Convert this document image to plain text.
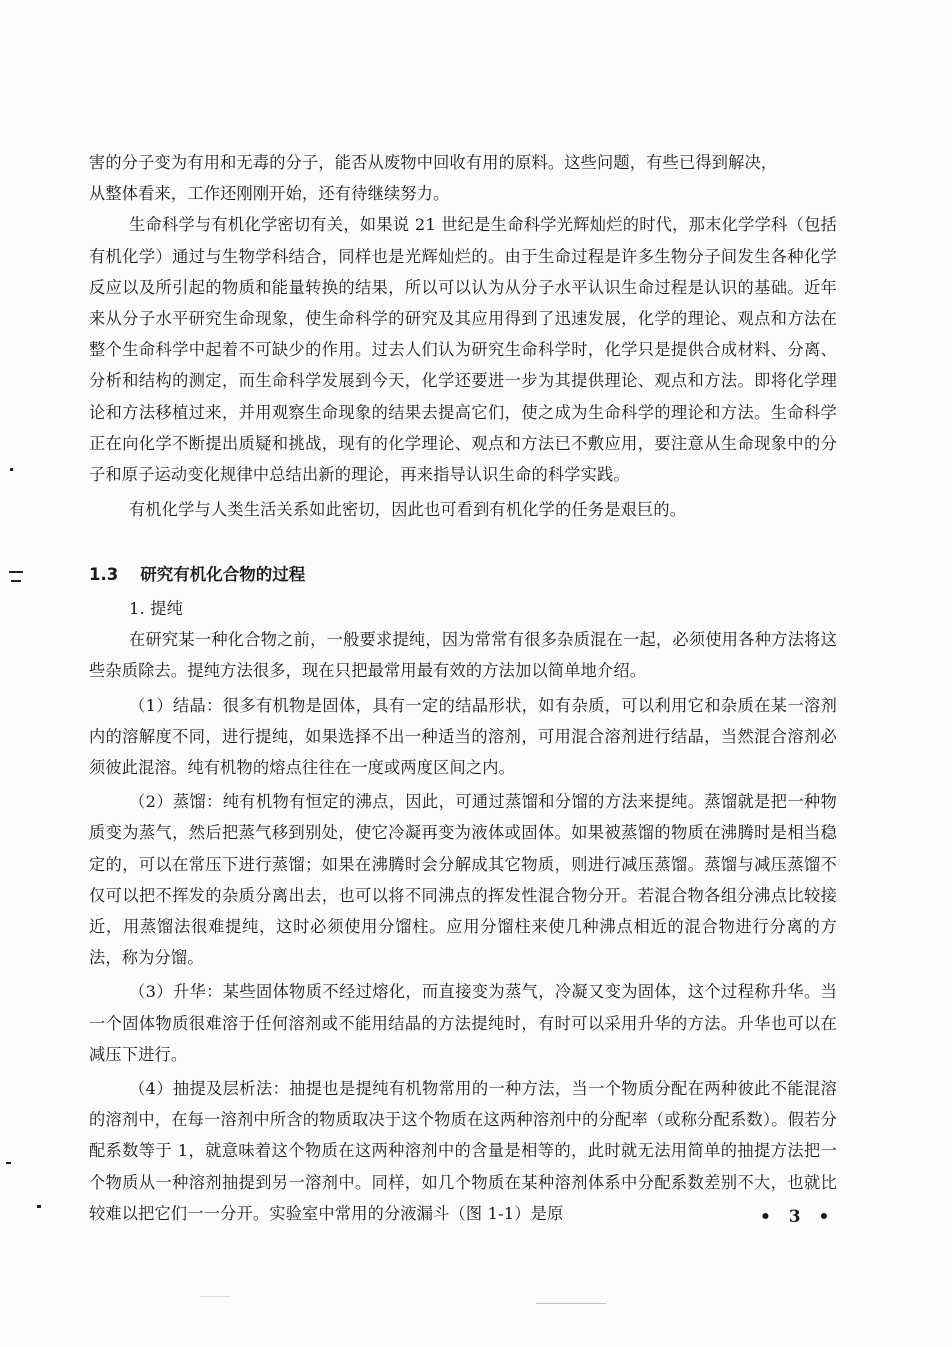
害的分子变为有用和无毒的分子，能否从废物中回收有用的原料。这些问题，有些已得到解决，

从整体看来，工作还刚刚开始，还有待继续努力。

生命科学与有机化学密切有关，如果说 21 世纪是生命科学光辉灿烂的时代，那末化学学科（包括有机化学）通过与生物学科结合，同样也是光辉灿烂的。由于生命过程是许多生物分子间发生各种化学反应以及所引起的物质和能量转换的结果，所以可以认为从分子水平认识生命过程是认识的基础。近年来从分子水平研究生命现象，使生命科学的研究及其应用得到了迅速发展，化学的理论、观点和方法在整个生命科学中起着不可缺少的作用。过去人们认为研究生命科学时，化学只是提供合成材料、分离、分析和结构的测定，而生命科学发展到今天，化学还要进一步为其提供理论、观点和方法。即将化学理论和方法移植过来，并用观察生命现象的结果去提高它们，使之成为生命科学的理论和方法。生命科学正在向化学不断提出质疑和挑战，现有的化学理论、观点和方法已不敷应用，要注意从生命现象中的分子和原子运动变化规律中总结出新的理论，再来指导认识生命的科学实践。

有机化学与人类生活关系如此密切，因此也可看到有机化学的任务是艰巨的。

1.3 研究有机化合物的过程

1. 提纯

在研究某一种化合物之前，一般要求提纯，因为常常有很多杂质混在一起，必须使用各种方法将这些杂质除去。提纯方法很多，现在只把最常用最有效的方法加以简单地介绍。

（1）结晶：很多有机物是固体，具有一定的结晶形状，如有杂质，可以利用它和杂质在某一溶剂内的溶解度不同，进行提纯，如果选择不出一种适当的溶剂，可用混合溶剂进行结晶，当然混合溶剂必须彼此混溶。纯有机物的熔点往往在一度或两度区间之内。

（2）蒸馏：纯有机物有恒定的沸点，因此，可通过蒸馏和分馏的方法来提纯。蒸馏就是把一种物质变为蒸气，然后把蒸气移到别处，使它冷凝再变为液体或固体。如果被蒸馏的物质在沸腾时是相当稳定的，可以在常压下进行蒸馏；如果在沸腾时会分解成其它物质，则进行减压蒸馏。蒸馏与减压蒸馏不仅可以把不挥发的杂质分离出去，也可以将不同沸点的挥发性混合物分开。若混合物各组分沸点比较接近，用蒸馏法很难提纯，这时必须使用分馏柱。应用分馏柱来使几种沸点相近的混合物进行分离的方法，称为分馏。

（3）升华：某些固体物质不经过熔化，而直接变为蒸气，冷凝又变为固体，这个过程称升华。当一个固体物质很难溶于任何溶剂或不能用结晶的方法提纯时，有时可以采用升华的方法。升华也可以在减压下进行。

（4）抽提及层析法：抽提也是提纯有机物常用的一种方法，当一个物质分配在两种彼此不能混溶的溶剂中，在每一溶剂中所含的物质取决于这个物质在这两种溶剂中的分配率（或称分配系数）。假若分配系数等于 1，就意味着这个物质在这两种溶剂中的含量是相等的，此时就无法用简单的抽提方法把一个物质从一种溶剂抽提到另一溶剂中。同样，如几个物质在某种溶剂体系中分配系数差别不大，也就比较难以把它们一一分开。实验室中常用的分液漏斗（图 1-1）是原	• 3 •
